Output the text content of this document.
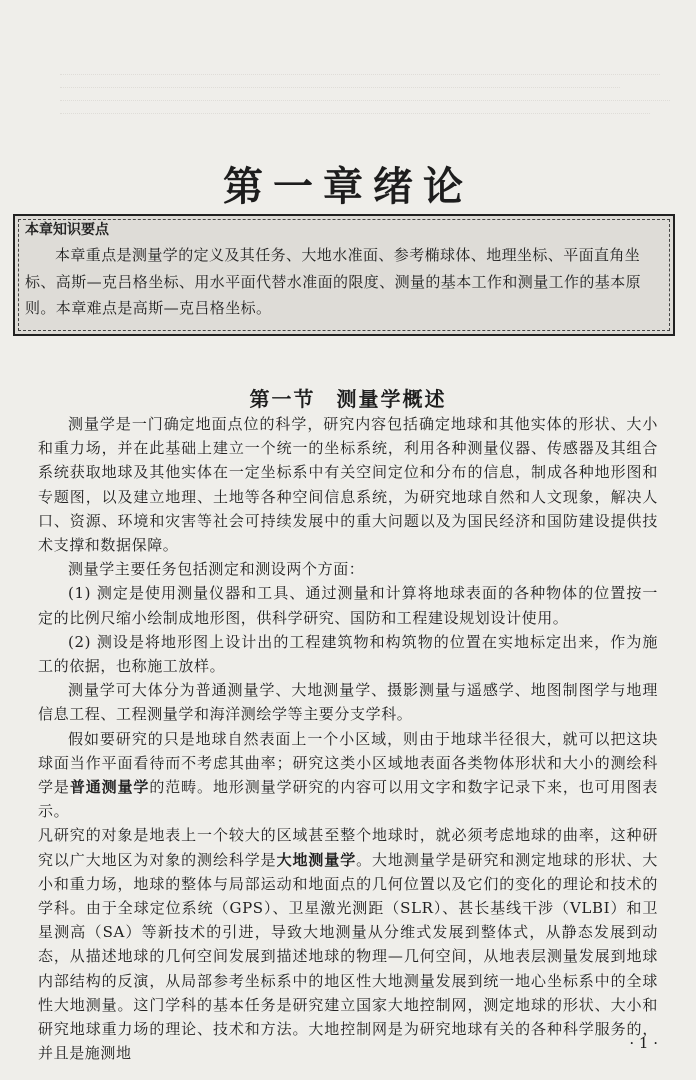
第一章绪论

本章知识要点

本章重点是测量学的定义及其任务、大地水准面、参考椭球体、地理坐标、平面直角坐标、高斯—克吕格坐标、用水平面代替水准面的限度、测量的基本工作和测量工作的基本原则。本章难点是高斯—克吕格坐标。

第一节 测量学概述

测量学是一门确定地面点位的科学，研究内容包括确定地球和其他实体的形状、大小和重力场，并在此基础上建立一个统一的坐标系统，利用各种测量仪器、传感器及其组合系统获取地球及其他实体在一定坐标系中有关空间定位和分布的信息，制成各种地形图和专题图，以及建立地理、土地等各种空间信息系统，为研究地球自然和人文现象，解决人口、资源、环境和灾害等社会可持续发展中的重大问题以及为国民经济和国防建设提供技术支撑和数据保障。

测量学主要任务包括测定和测设两个方面：

(1) 测定是使用测量仪器和工具、通过测量和计算将地球表面的各种物体的位置按一定的比例尺缩小绘制成地形图，供科学研究、国防和工程建设规划设计使用。

(2) 测设是将地形图上设计出的工程建筑物和构筑物的位置在实地标定出来，作为施工的依据，也称施工放样。

测量学可大体分为普通测量学、大地测量学、摄影测量与遥感学、地图制图学与地理信息工程、工程测量学和海洋测绘学等主要分支学科。

假如要研究的只是地球自然表面上一个小区域，则由于地球半径很大，就可以把这块球面当作平面看待而不考虑其曲率；研究这类小区域地表面各类物体形状和大小的测绘科学是普通测量学的范畴。地形测量学研究的内容可以用文字和数字记录下来，也可用图表示。

凡研究的对象是地表上一个较大的区域甚至整个地球时，就必须考虑地球的曲率，这种研究以广大地区为对象的测绘科学是大地测量学。大地测量学是研究和测定地球的形状、大小和重力场，地球的整体与局部运动和地面点的几何位置以及它们的变化的理论和技术的学科。由于全球定位系统（GPS）、卫星激光测距（SLR）、甚长基线干涉（VLBI）和卫星测高（SA）等新技术的引进，导致大地测量从分维式发展到整体式，从静态发展到动态，从描述地球的几何空间发展到描述地球的物理—几何空间，从地表层测量发展到地球内部结构的反演，从局部参考坐标系中的地区性大地测量发展到统一地心坐标系中的全球性大地测量。这门学科的基本任务是研究建立国家大地控制网，测定地球的形状、大小和研究地球重力场的理论、技术和方法。大地控制网是为研究地球有关的各种科学服务的，并且是施测地

· 1 ·
